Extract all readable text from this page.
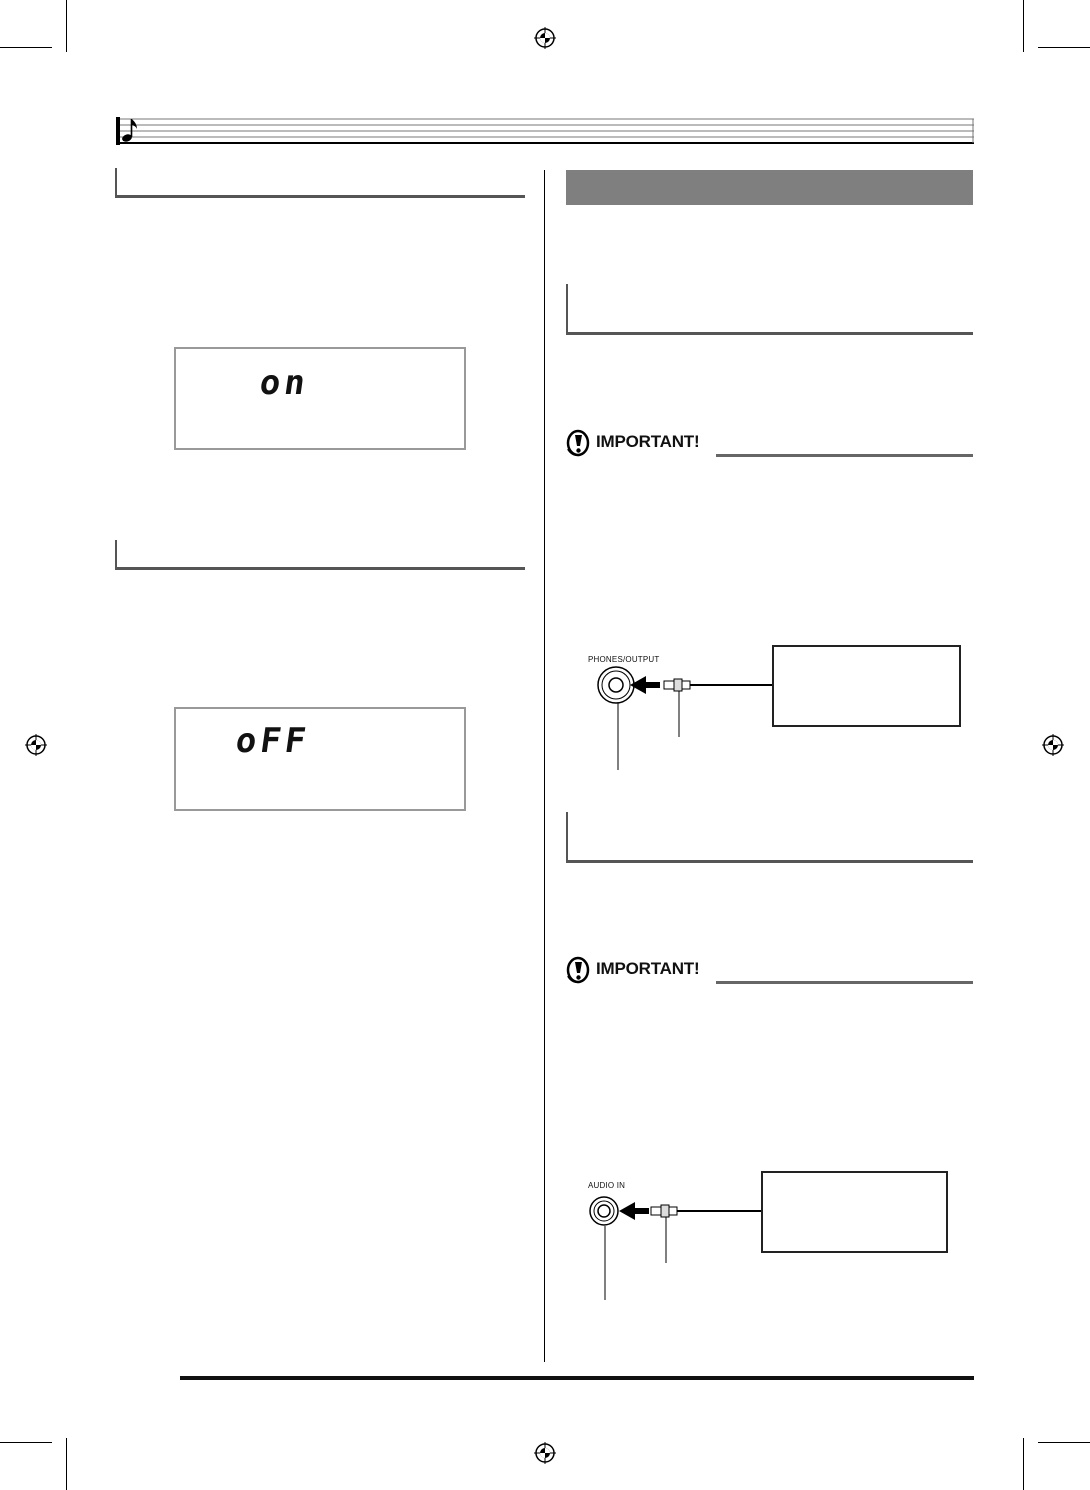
on
oFF
IMPORTANT!
PHONES/OUTPUT
IMPORTANT!
AUDIO IN
